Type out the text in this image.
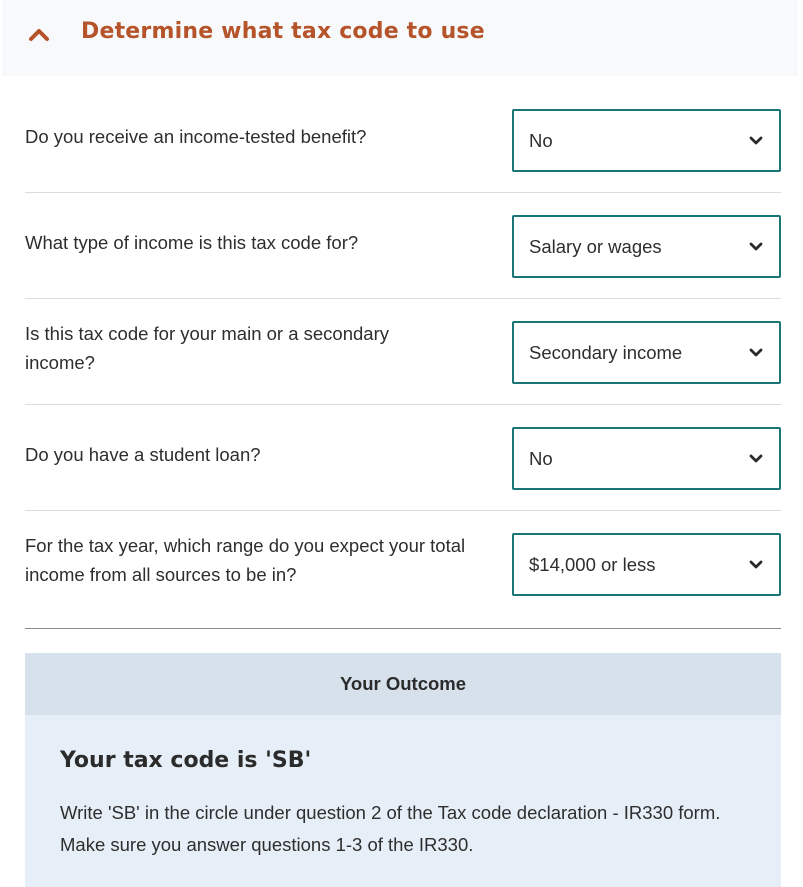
Determine what tax code to use
Do you receive an income-tested benefit?	No
What type of income is this tax code for?	Salary or wages
Is this tax code for your main or a secondary income?	Secondary income
Do you have a student loan?	No
For the tax year, which range do you expect your total income from all sources to be in?	$14,000 or less
Your Outcome
Your tax code is 'SB'
Write 'SB' in the circle under question 2 of the Tax code declaration - IR330 form. Make sure you answer questions 1-3 of the IR330.
